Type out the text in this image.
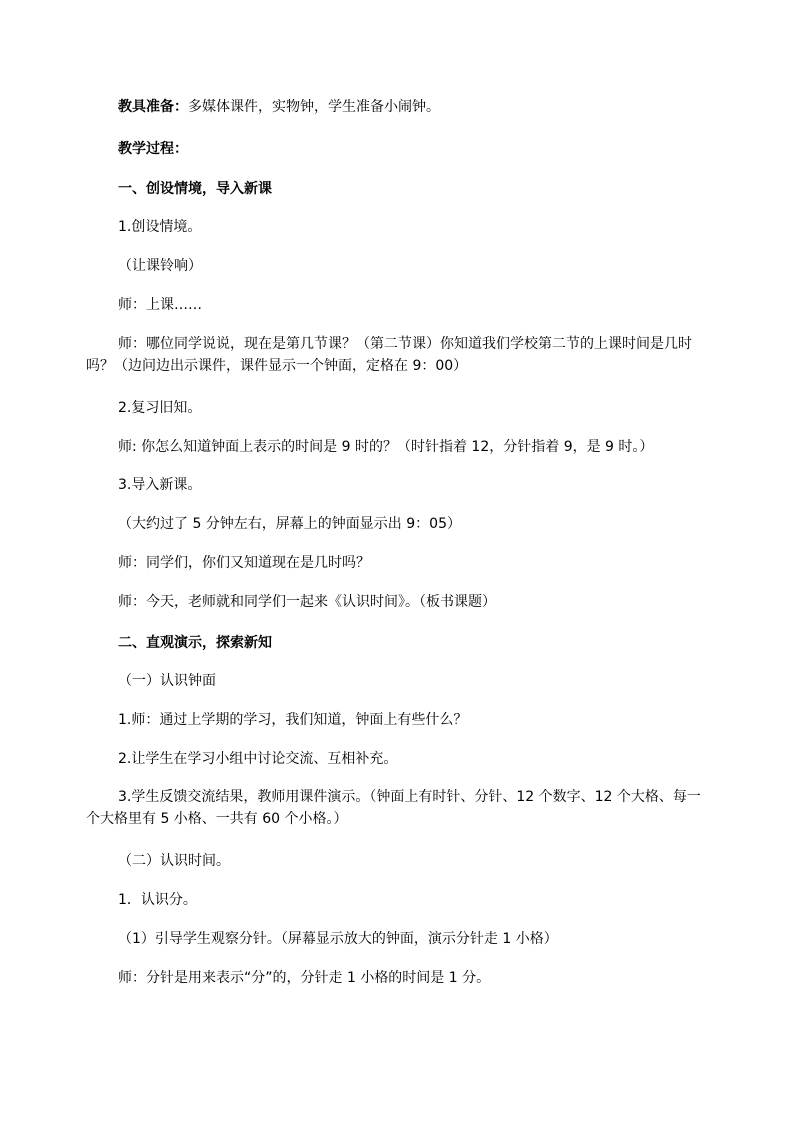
教具准备：多媒体课件，实物钟，学生准备小闹钟。
教学过程：
一、创设情境，导入新课
1.创设情境。
（让课铃响）
师：上课……
师：哪位同学说说，现在是第几节课？（第二节课）你知道我们学校第二节的上课时间是几时吗？（边问边出示课件，课件显示一个钟面，定格在 9：00）
2.复习旧知。
师: 你怎么知道钟面上表示的时间是 9 时的？（时针指着 12，分针指着 9，是 9 时。）
3.导入新课。
（大约过了 5 分钟左右，屏幕上的钟面显示出 9：05）
师：同学们，你们又知道现在是几时吗？
师：今天，老师就和同学们一起来《认识时间》。（板书课题）
二、直观演示，探索新知
（一）认识钟面
1.师：通过上学期的学习，我们知道，钟面上有些什么？
2.让学生在学习小组中讨论交流、互相补充。
3.学生反馈交流结果，教师用课件演示。（钟面上有时针、分针、12 个数字、12 个大格、每一个大格里有 5 小格、一共有 60 个小格。）
（二）认识时间。
1．认识分。
（1）引导学生观察分针。（屏幕显示放大的钟面，演示分针走 1 小格）
师：分针是用来表示“分”的，分针走 1 小格的时间是 1 分。
